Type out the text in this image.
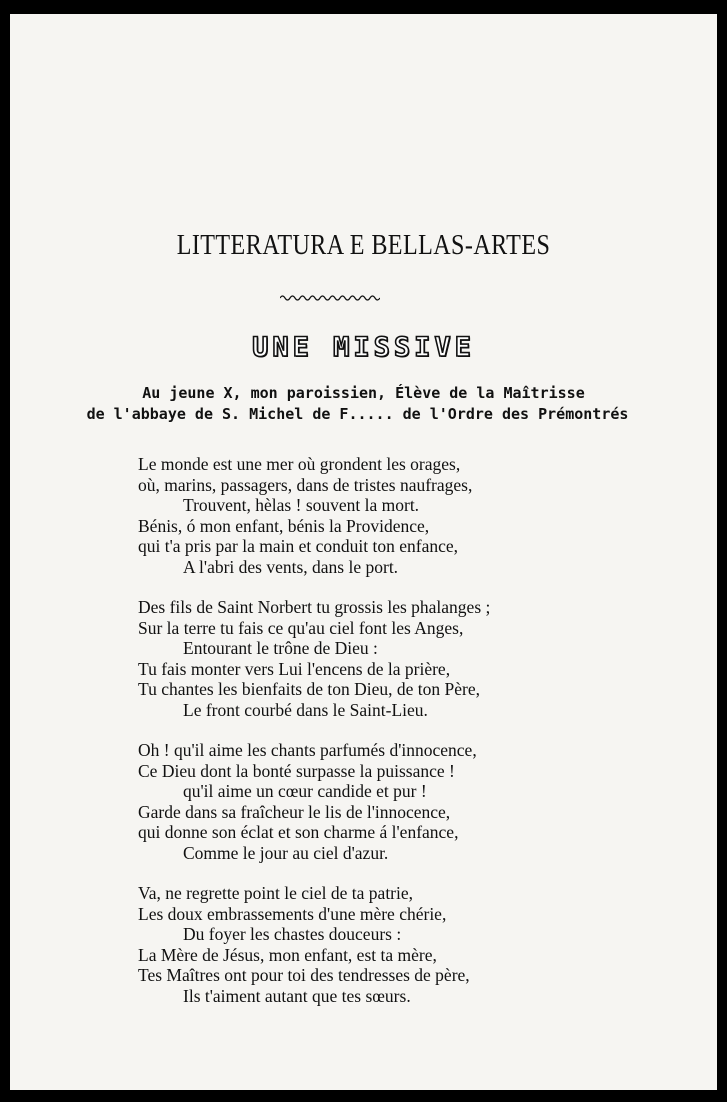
LITTERATURA E BELLAS-ARTES
UNE MISSIVE
Au jeune X, mon paroissien, Élève de la Maîtrisse
de l'abbaye de S. Michel de F..... de l'Ordre des Prémontrés
Le monde est une mer où grondent les orages,
où, marins, passagers, dans de tristes naufrages,
Trouvent, hèlas ! souvent la mort.
Bénis, ó mon enfant, bénis la Providence,
qui t'a pris par la main et conduit ton enfance,
A l'abri des vents, dans le port.
Des fils de Saint Norbert tu grossis les phalanges ;
Sur la terre tu fais ce qu'au ciel font les Anges,
Entourant le trône de Dieu :
Tu fais monter vers Lui l'encens de la prière,
Tu chantes les bienfaits de ton Dieu, de ton Père,
Le front courbé dans le Saint-Lieu.
Oh ! qu'il aime les chants parfumés d'innocence,
Ce Dieu dont la bonté surpasse la puissance !
qu'il aime un cœur candide et pur !
Garde dans sa fraîcheur le lis de l'innocence,
qui donne son éclat et son charme á l'enfance,
Comme le jour au ciel d'azur.
Va, ne regrette point le ciel de ta patrie,
Les doux embrassements d'une mère chérie,
Du foyer les chastes douceurs :
La Mère de Jésus, mon enfant, est ta mère,
Tes Maîtres ont pour toi des tendresses de père,
Ils t'aiment autant que tes sœurs.
